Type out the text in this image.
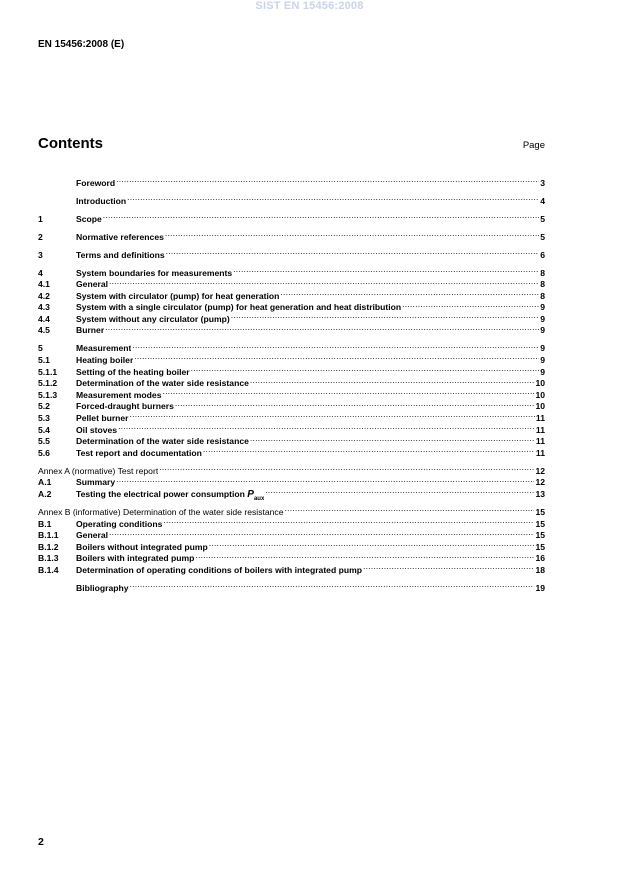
SIST EN 15456:2008
EN 15456:2008 (E)
Contents	Page
Foreword .....	3
Introduction .....	4
1	Scope .....	5
2	Normative references .....	5
3	Terms and definitions .....	6
4	System boundaries for measurements .....	8
4.1	General .....	8
4.2	System with circulator (pump) for heat generation .....	8
4.3	System with a single circulator (pump) for heat generation and heat distribution .....	9
4.4	System without any circulator (pump) .....	9
4.5	Burner .....	9
5	Measurement .....	9
5.1	Heating boiler .....	9
5.1.1	Setting of the heating boiler .....	9
5.1.2	Determination of the water side resistance .....	10
5.1.3	Measurement modes .....	10
5.2	Forced-draught burners .....	10
5.3	Pellet burner .....	11
5.4	Oil stoves .....	11
5.5	Determination of the water side resistance .....	11
5.6	Test report and documentation .....	11
Annex A (normative) Test report .....	12
A.1	Summary .....	12
A.2	Testing the electrical power consumption $P_{aux}$ .....	13
Annex B (informative) Determination of the water side resistance .....	15
B.1	Operating conditions .....	15
B.1.1	General .....	15
B.1.2	Boilers without integrated pump .....	15
B.1.3	Boilers with integrated pump .....	16
B.1.4	Determination of operating conditions of boilers with integrated pump .....	18
Bibliography .....	19
2
